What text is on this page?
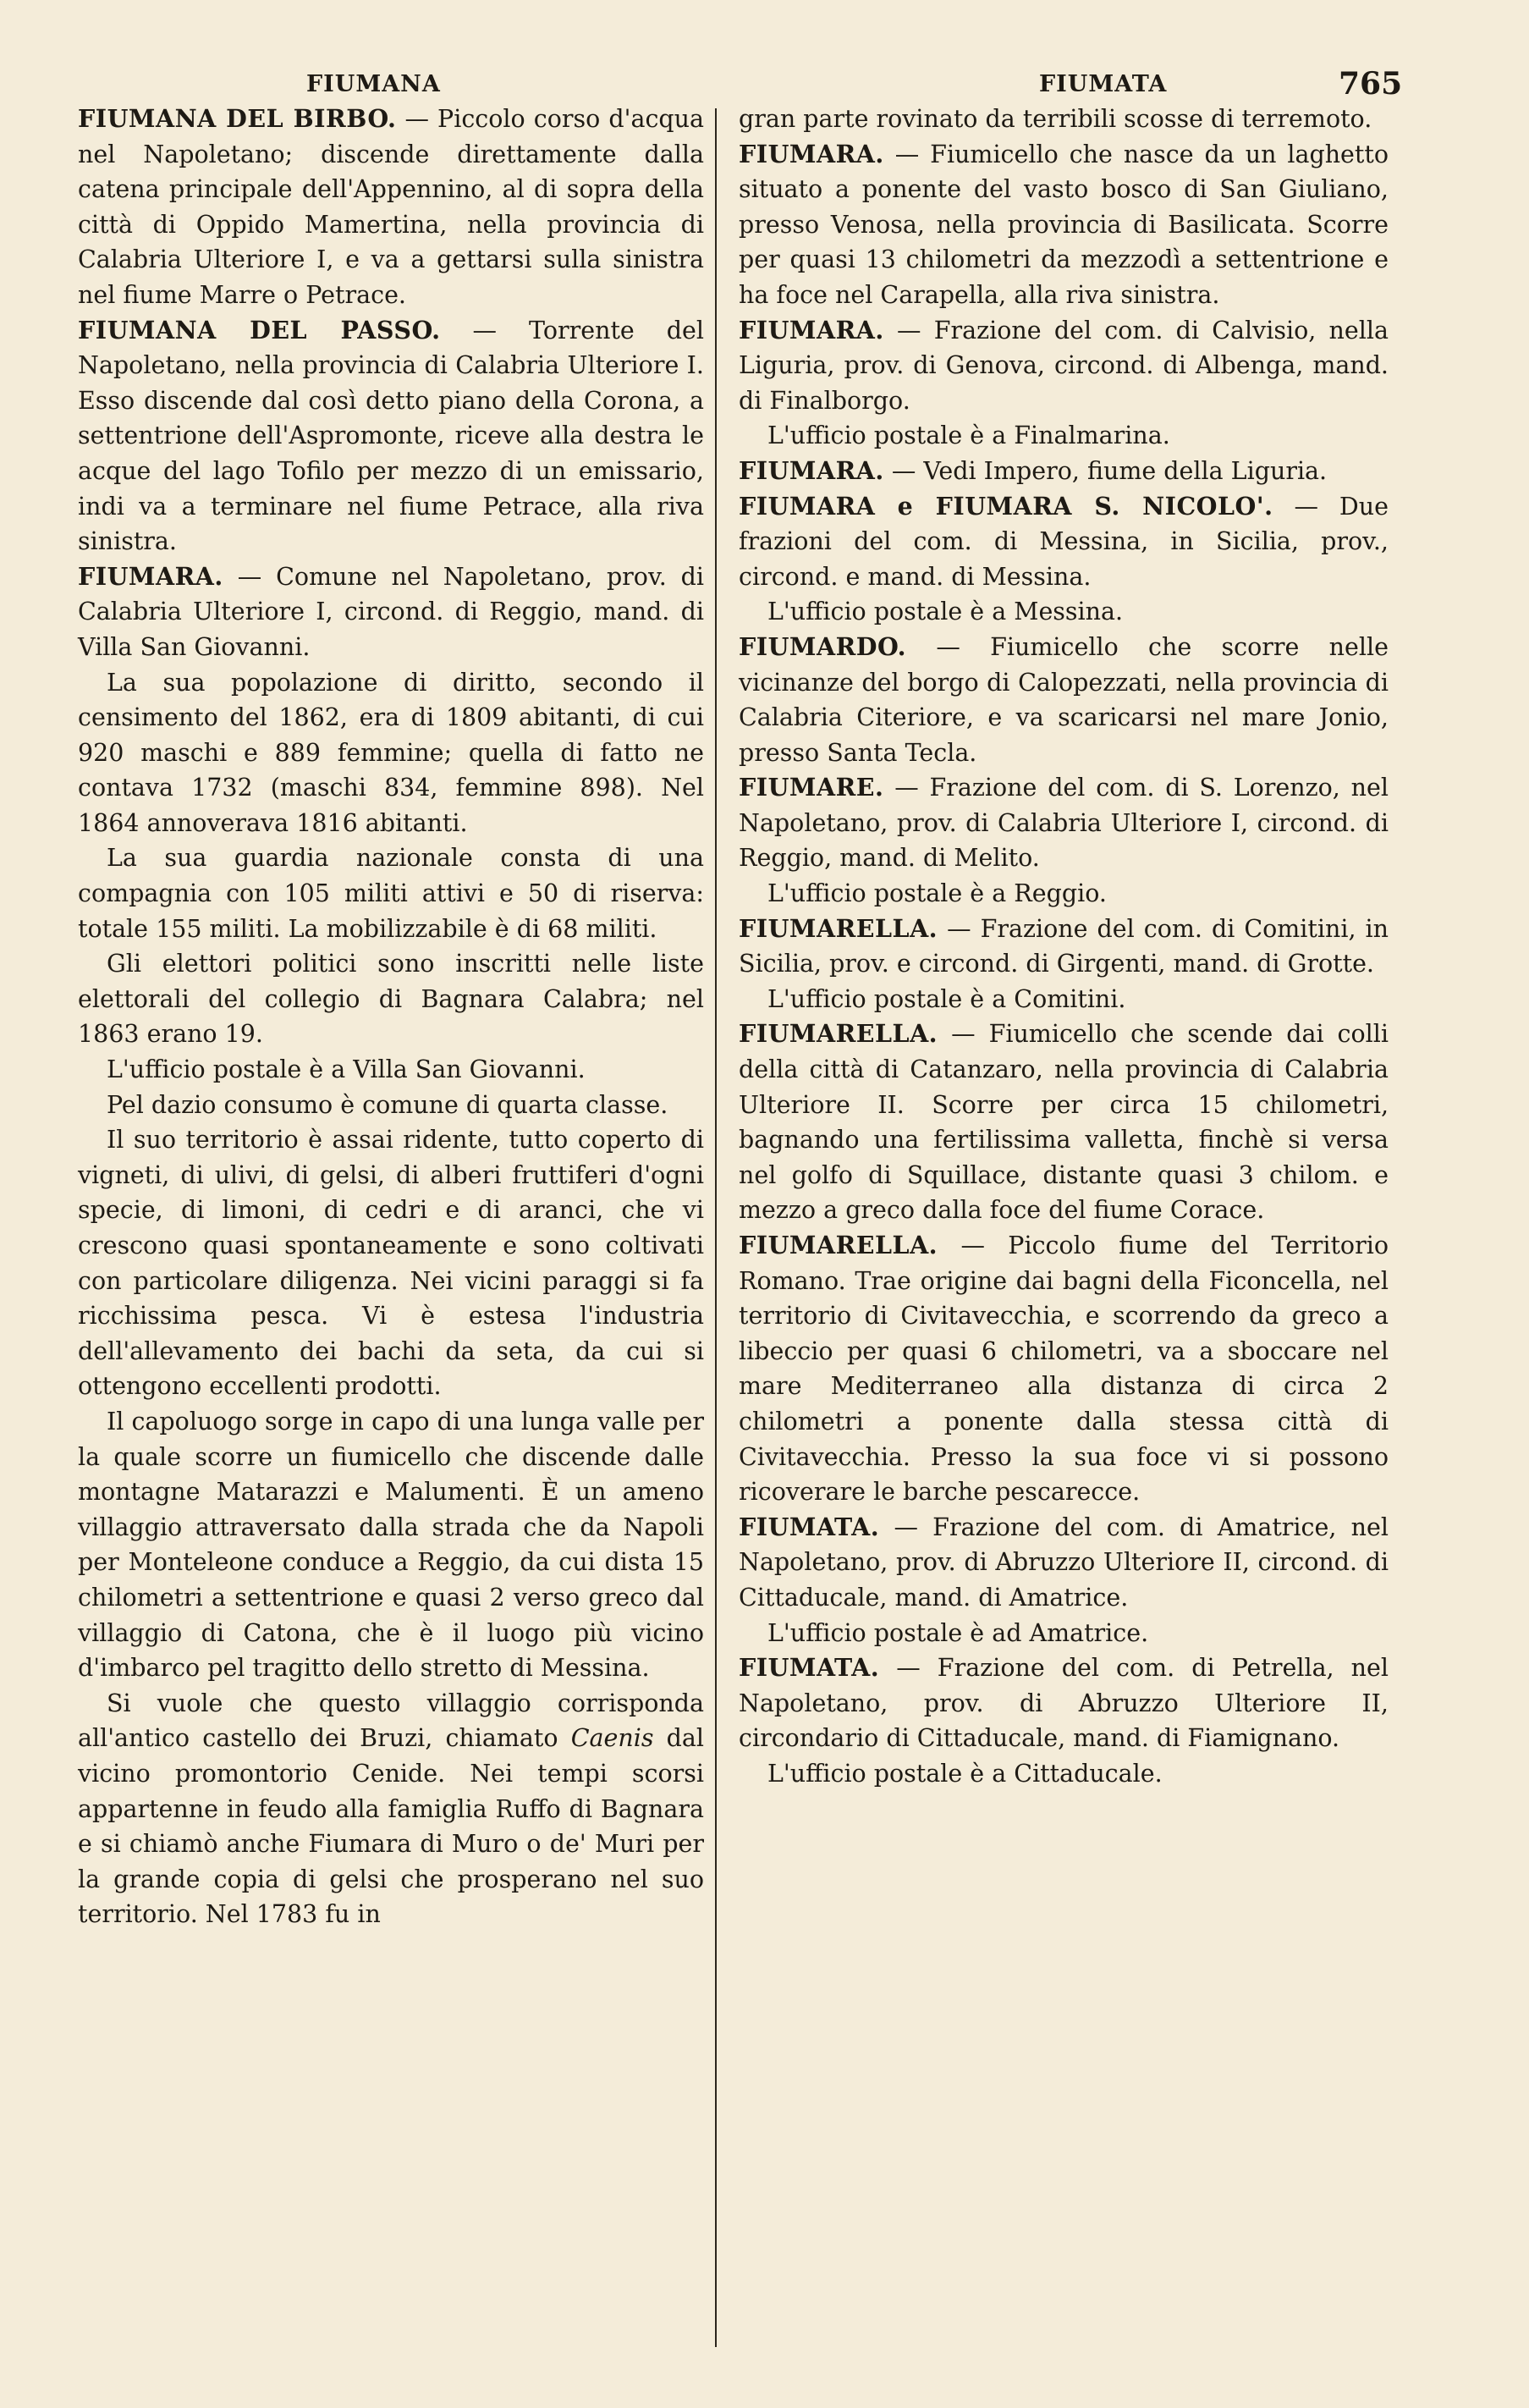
FIUMANA	FIUMATA	765

FIUMANA DEL BIRBO. — Piccolo corso d'acqua nel Napoletano; discende direttamente dalla catena principale dell'Appennino, al di sopra della città di Oppido Mamertina, nella provincia di Calabria Ulteriore I, e va a gettarsi sulla sinistra nel fiume Marre o Petrace.

FIUMANA DEL PASSO. — Torrente del Napoletano, nella provincia di Calabria Ulteriore I. Esso discende dal così detto piano della Corona, a settentrione dell'Aspromonte, riceve alla destra le acque del lago Tofilo per mezzo di un emissario, indi va a terminare nel fiume Petrace, alla riva sinistra.

FIUMARA. — Comune nel Napoletano, prov. di Calabria Ulteriore I, circond. di Reggio, mand. di Villa San Giovanni.

La sua popolazione di diritto, secondo il censimento del 1862, era di 1809 abitanti, di cui 920 maschi e 889 femmine; quella di fatto ne contava 1732 (maschi 834, femmine 898). Nel 1864 annoverava 1816 abitanti.

La sua guardia nazionale consta di una compagnia con 105 militi attivi e 50 di riserva: totale 155 militi. La mobilizzabile è di 68 militi.

Gli elettori politici sono inscritti nelle liste elettorali del collegio di Bagnara Calabra; nel 1863 erano 19.

L'ufficio postale è a Villa San Giovanni.

Pel dazio consumo è comune di quarta classe.

Il suo territorio è assai ridente, tutto coperto di vigneti, di ulivi, di gelsi, di alberi fruttiferi d'ogni specie, di limoni, di cedri e di aranci, che vi crescono quasi spontaneamente e sono coltivati con particolare diligenza. Nei vicini paraggi si fa ricchissima pesca. Vi è estesa l'industria dell'allevamento dei bachi da seta, da cui si ottengono eccellenti prodotti.

Il capoluogo sorge in capo di una lunga valle per la quale scorre un fiumicello che discende dalle montagne Matarazzi e Malumenti. È un ameno villaggio attraversato dalla strada che da Napoli per Monteleone conduce a Reggio, da cui dista 15 chilometri a settentrione e quasi 2 verso greco dal villaggio di Catona, che è il luogo più vicino d'imbarco pel tragitto dello stretto di Messina.

Si vuole che questo villaggio corrisponda all'antico castello dei Bruzi, chiamato Caenis dal vicino promontorio Cenide. Nei tempi scorsi appartenne in feudo alla famiglia Ruffo di Bagnara e si chiamò anche Fiumara di Muro o de' Muri per la grande copia di gelsi che prosperano nel suo territorio. Nel 1783 fu in

gran parte rovinato da terribili scosse di terremoto.

FIUMARA. — Fiumicello che nasce da un laghetto situato a ponente del vasto bosco di San Giuliano, presso Venosa, nella provincia di Basilicata. Scorre per quasi 13 chilometri da mezzodì a settentrione e ha foce nel Carapella, alla riva sinistra.

FIUMARA. — Frazione del com. di Calvisio, nella Liguria, prov. di Genova, circond. di Albenga, mand. di Finalborgo.

L'ufficio postale è a Finalmarina.

FIUMARA. — Vedi Impero, fiume della Liguria.

FIUMARA e FIUMARA S. NICOLO'. — Due frazioni del com. di Messina, in Sicilia, prov., circond. e mand. di Messina.

L'ufficio postale è a Messina.

FIUMARDO. — Fiumicello che scorre nelle vicinanze del borgo di Calopezzati, nella provincia di Calabria Citeriore, e va scaricarsi nel mare Jonio, presso Santa Tecla.

FIUMARE. — Frazione del com. di S. Lorenzo, nel Napoletano, prov. di Calabria Ulteriore I, circond. di Reggio, mand. di Melito.

L'ufficio postale è a Reggio.

FIUMARELLA. — Frazione del com. di Comitini, in Sicilia, prov. e circond. di Girgenti, mand. di Grotte.

L'ufficio postale è a Comitini.

FIUMARELLA. — Fiumicello che scende dai colli della città di Catanzaro, nella provincia di Calabria Ulteriore II. Scorre per circa 15 chilometri, bagnando una fertilissima valletta, finchè si versa nel golfo di Squillace, distante quasi 3 chilom. e mezzo a greco dalla foce del fiume Corace.

FIUMARELLA. — Piccolo fiume del Territorio Romano. Trae origine dai bagni della Ficoncella, nel territorio di Civitavecchia, e scorrendo da greco a libeccio per quasi 6 chilometri, va a sboccare nel mare Mediterraneo alla distanza di circa 2 chilometri a ponente dalla stessa città di Civitavecchia. Presso la sua foce vi si possono ricoverare le barche pescarecce.

FIUMATA. — Frazione del com. di Amatrice, nel Napoletano, prov. di Abruzzo Ulteriore II, circond. di Cittaducale, mand. di Amatrice.

L'ufficio postale è ad Amatrice.

FIUMATA. — Frazione del com. di Petrella, nel Napoletano, prov. di Abruzzo Ulteriore II, circondario di Cittaducale, mand. di Fiamignano.

L'ufficio postale è a Cittaducale.
